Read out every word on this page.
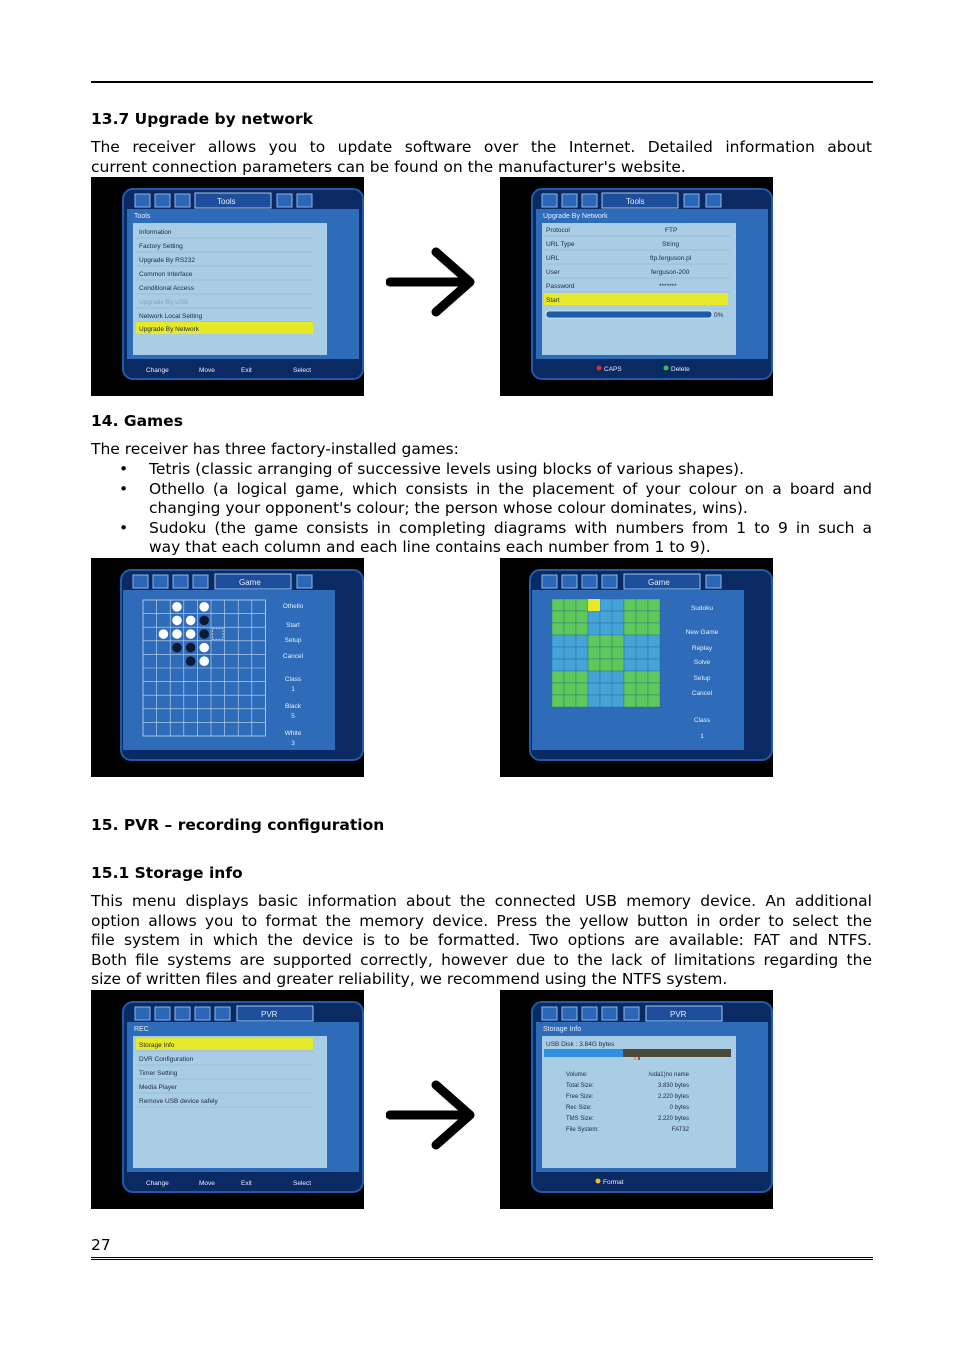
13.7 Upgrade by network
The receiver allows you to update software over the Internet. Detailed information about
current connection parameters can be found on the manufacturer's website.
Tools
Tools
Information
Factory Setting
Upgrade By RS232
Common Interface
Conditional Access
Upgrade By USB
Network Local Setting
Upgrade By Network
Change	Move	Exit	Select
Tools
Upgrade By Network
Protocol	FTP
URL Type	String
URL	ftp.ferguson.pl
User	ferguson-200
Password	*******
Start
0%
CAPS	Delete
14. Games
The receiver has three factory-installed games:
• Tetris (classic arranging of successive levels using blocks of various shapes).
• Othello (a logical game, which consists in the placement of your colour on a board and
changing your opponent's colour; the person whose colour dominates, wins).
• Sudoku (the game consists in completing diagrams with numbers from 1 to 9 in such a
way that each column and each line contains each number from 1 to 9).
Game
Othello
Start
Setup
Cancel
Class
1
Black
5
White
3
Game
Sudoku
New Game
Replay
Solve
Setup
Cancel
Class
1
15. PVR – recording configuration
15.1 Storage info
This menu displays basic information about the connected USB memory device. An additional
option allows you to format the memory device. Press the yellow button in order to select the
file system in which the device is to be formatted. Two options are available: FAT and NTFS.
Both file systems are supported correctly, however due to the lack of limitations regarding the
size of written files and greater reliability, we recommend using the NTFS system.
PVR
REC
Storage Info
DVR Configuration
Timer Setting
Media Player
Remove USB device safely
Change	Move	Exit	Select
PVR
Storage Info
USB Disk : 3.84G bytes
Volume:	/uda1)no name
Total Size:	3.830 bytes
Free Size:	2.220 bytes
Rec Size:	0 bytes
TMS Size:	2.220 bytes
File System:	FAT32
Format
27
